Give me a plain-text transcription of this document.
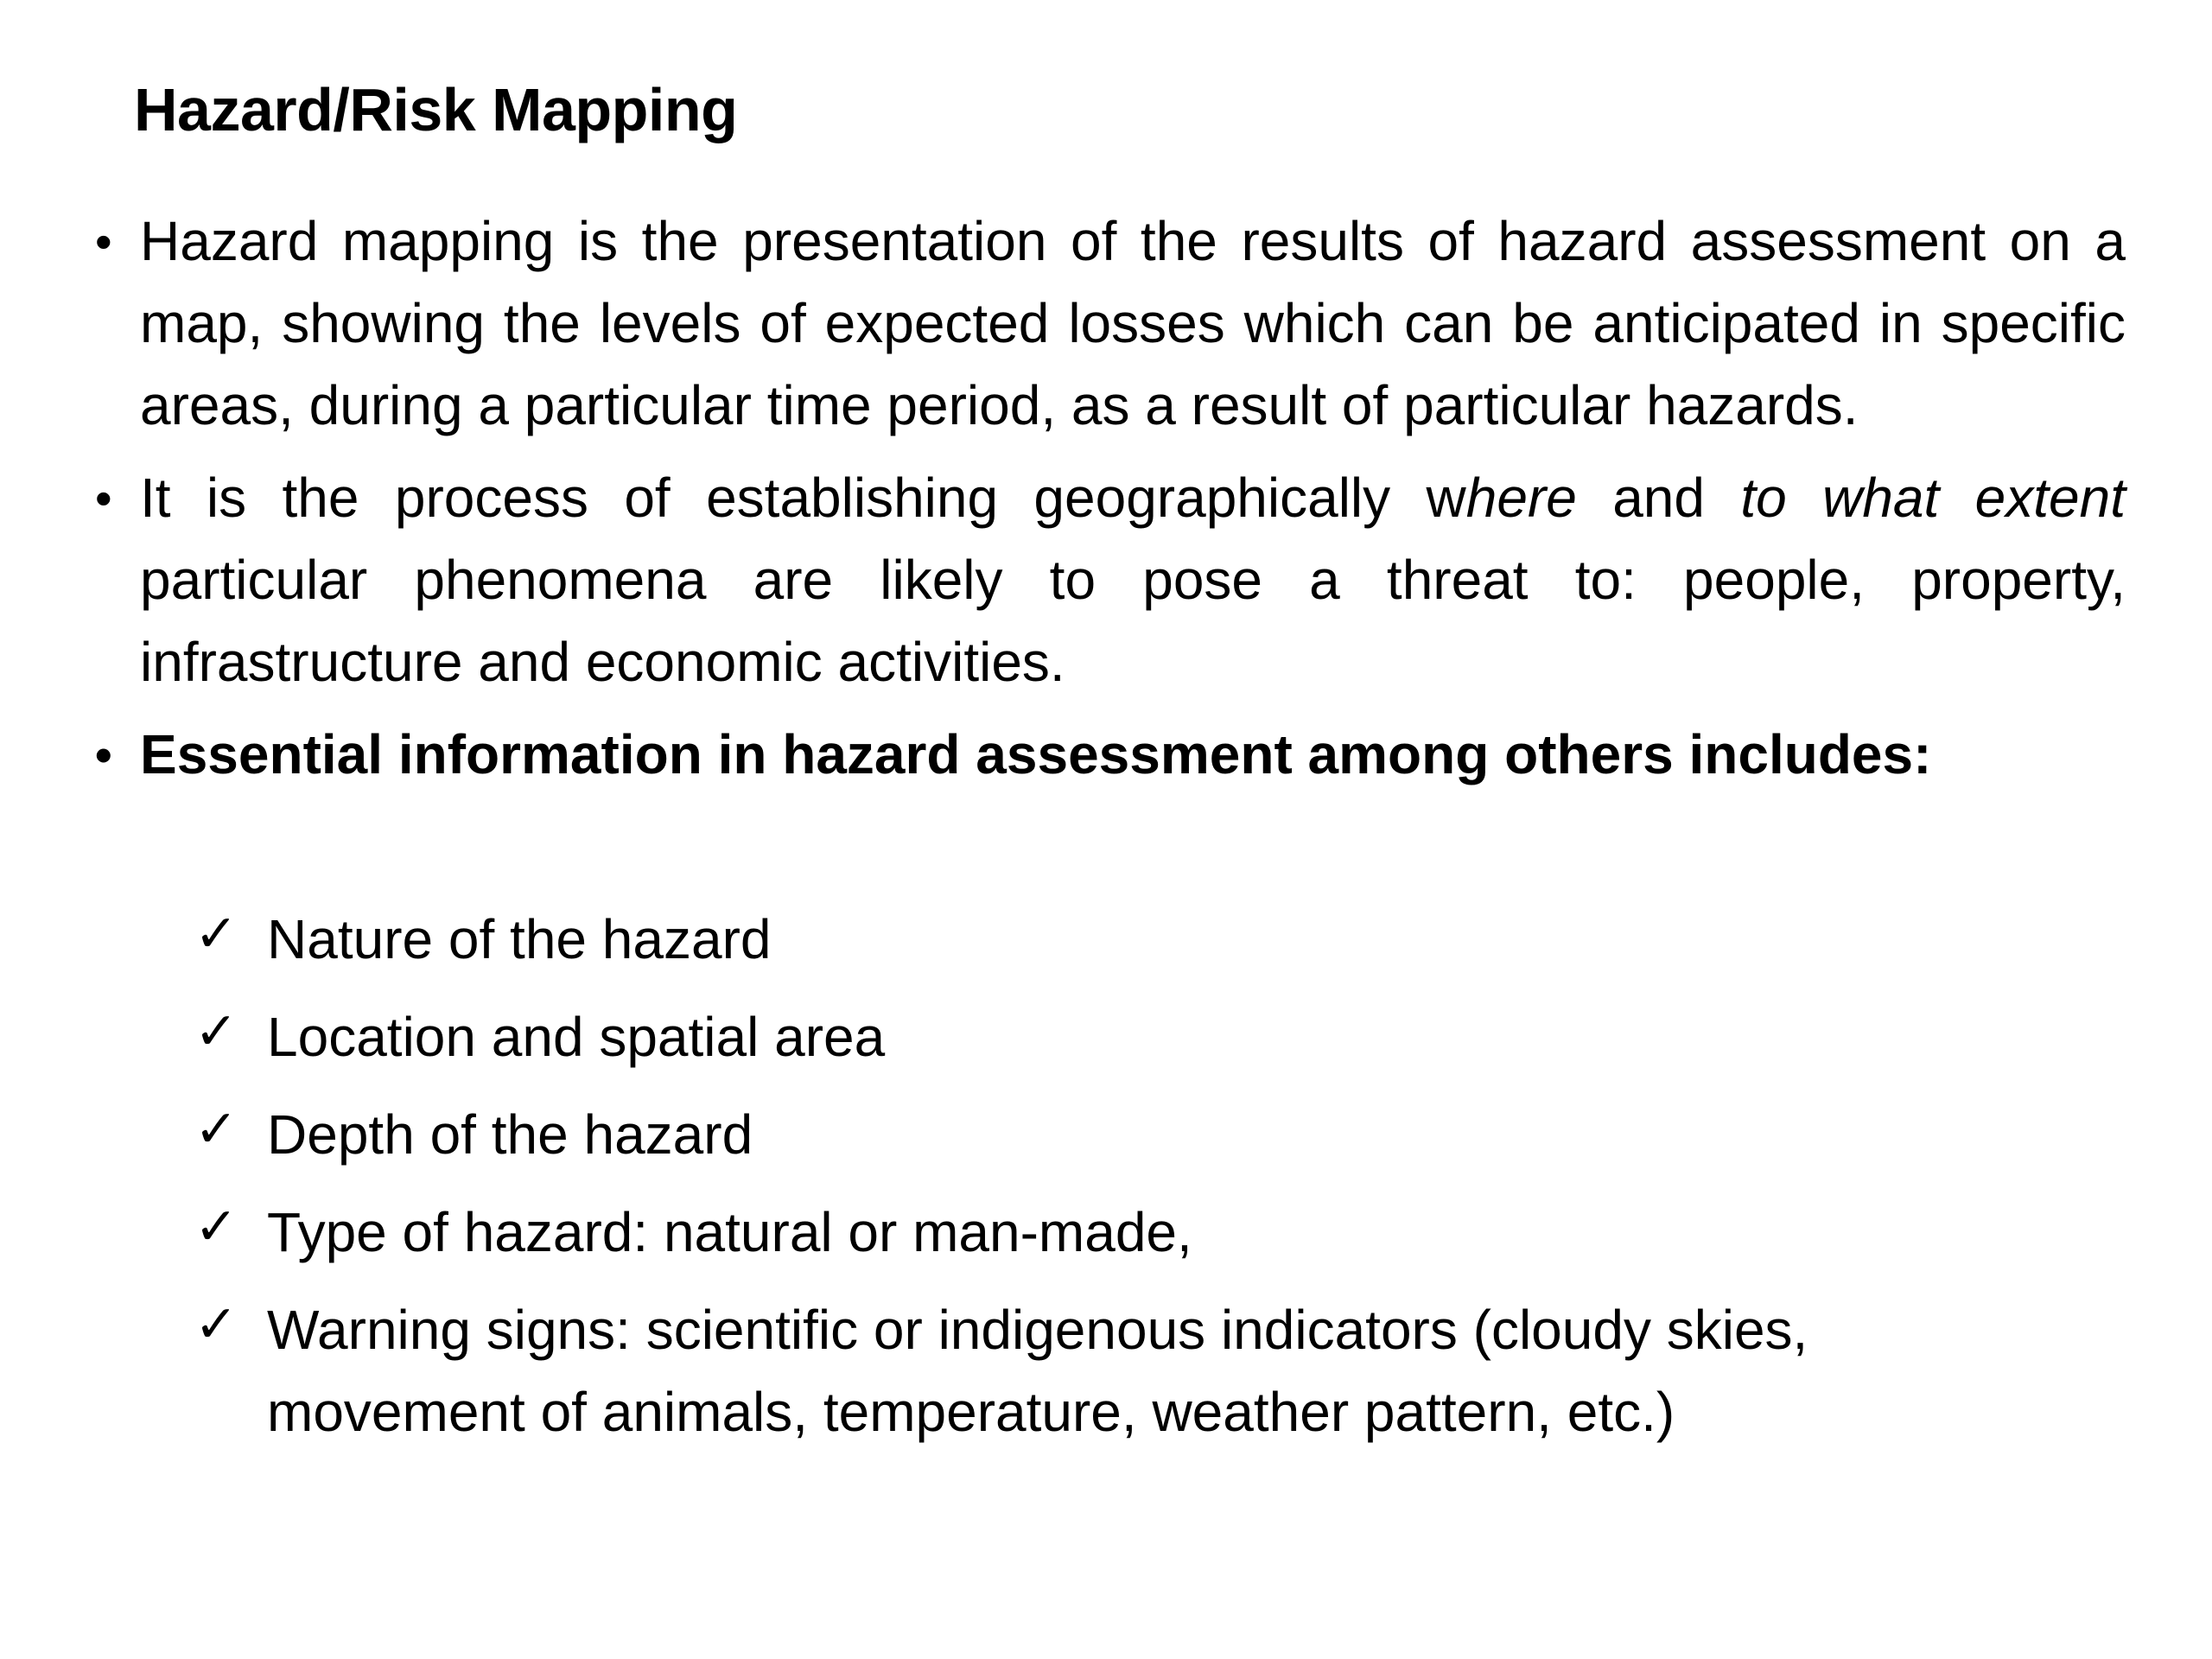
Hazard/Risk Mapping
• Hazard mapping is the presentation of the results of hazard assessment on a map, showing the levels of expected losses which can be anticipated in specific areas, during a particular time period, as a result of particular hazards.
• It is the process of establishing geographically where and to what extent particular phenomena are likely to pose a threat to: people, property, infrastructure and economic activities.
• Essential information in hazard assessment among others includes:
✓ Nature of the hazard
✓ Location and spatial area
✓ Depth of the hazard
✓ Type of hazard: natural or man-made,
✓ Warning signs: scientific or indigenous indicators (cloudy skies, movement of animals, temperature, weather pattern, etc.)
